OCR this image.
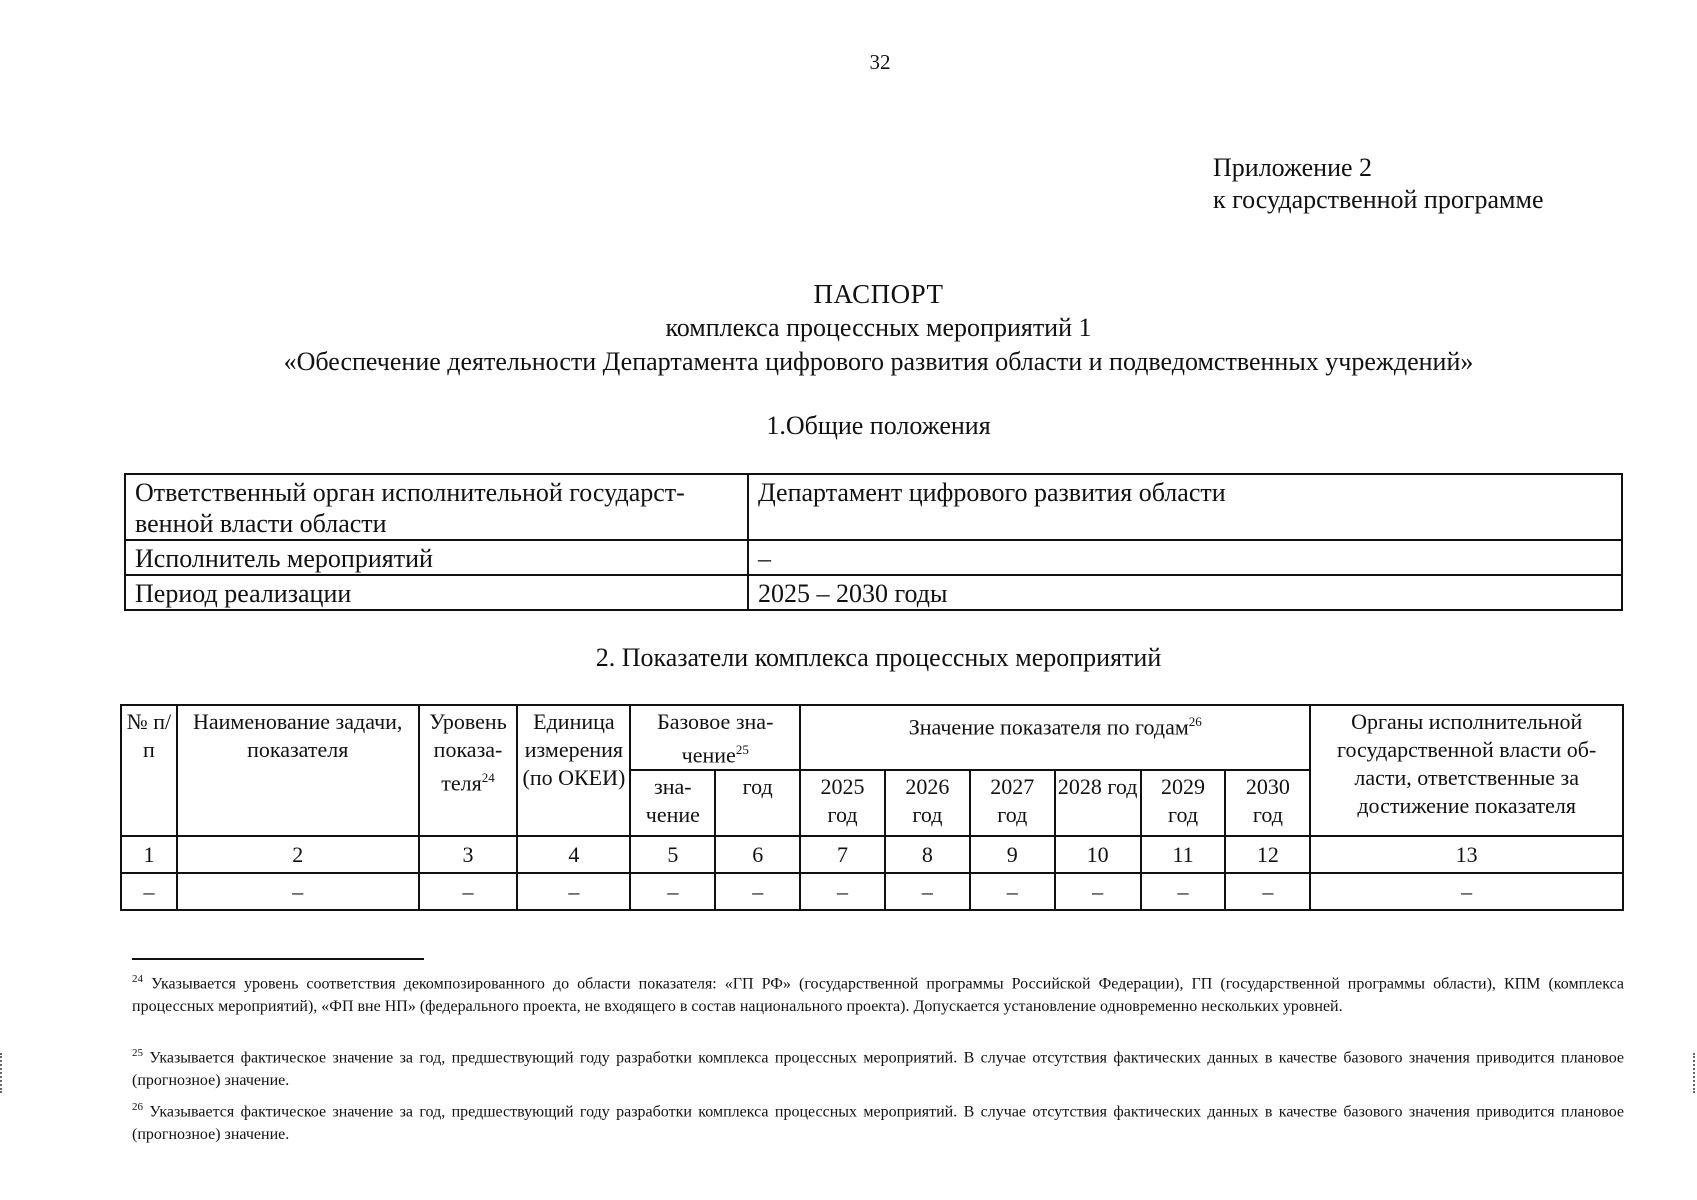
32
Приложение 2
к государственной программе
ПАСПОРТ
комплекса процессных мероприятий 1
«Обеспечение деятельности Департамента цифрового развития области и подведомственных учреждений»
1.Общие положения
Ответственный орган исполнительной государственной власти области	Департамент цифрового развития области
Исполнитель мероприятий	–
Период реализации	2025 – 2030 годы
2. Показатели комплекса процессных мероприятий
№ п/п	Наименование задачи, показателя	Уровень показателя$^{24}$	Единица измерения (по ОКЕИ)	Базовое значение$^{25}$		Значение показателя по годам$^{26}$						Органы исполнительной государственной власти области, ответственные за достижение показателя
				значение	год	2025 год	2026 год	2027 год	2028 год	2029 год	2030 год	
1	2	3	4	5	6	7	8	9	10	11	12	13
–	–	–	–	–	–	–	–	–	–	–	–	–
$^{24}$ Указывается уровень соответствия декомпозированного до области показателя: «ГП РФ» (государственной программы Российской Федерации), ГП (государственной программы области), КПМ (комплекса процессных мероприятий), «ФП вне НП» (федерального проекта, не входящего в состав национального проекта). Допускается установление одновременно нескольких уровней.
$^{25}$ Указывается фактическое значение за год, предшествующий году разработки комплекса процессных мероприятий. В случае отсутствия фактических данных в качестве базового значения приводится плановое (прогнозное) значение.
$^{26}$ Указывается фактическое значение за год, предшествующий году разработки комплекса процессных мероприятий. В случае отсутствия фактических данных в качестве базового значения приводится плановое (прогнозное) значение.
